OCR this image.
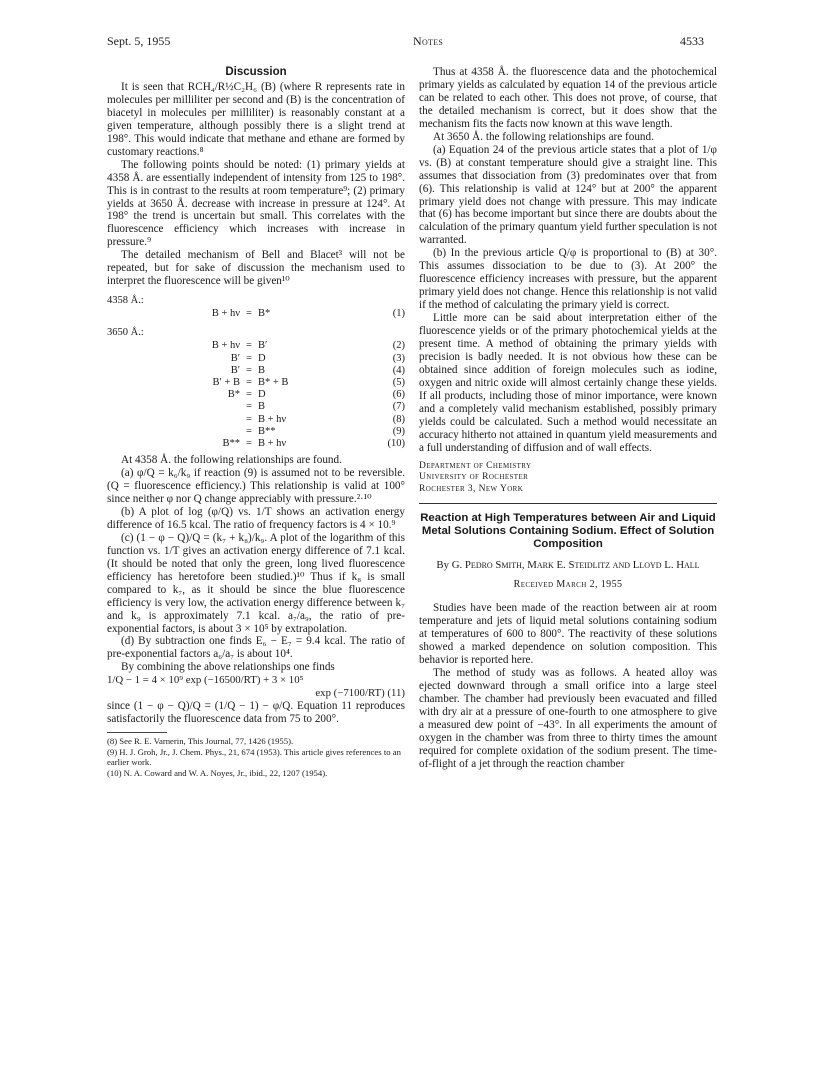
Sept. 5, 1955	Notes	4533
Discussion

It is seen that RCH₄/R½C₂H₆ (B) (where R represents rate in molecules per milliliter per second and (B) is the concentration of biacetyl in molecules per milliliter) is reasonably constant at a given temperature, although possibly there is a slight trend at 198°. This would indicate that methane and ethane are formed by customary reactions.⁸

The following points should be noted: (1) primary yields at 4358 Å. are essentially independent of intensity from 125 to 198°. This is in contrast to the results at room temperature⁹; (2) primary yields at 3650 Å. decrease with increase in pressure at 124°. At 198° the trend is uncertain but small. This correlates with the fluorescence efficiency which increases with increase in pressure.⁹

The detailed mechanism of Bell and Blacet³ will not be repeated, but for sake of discussion the mechanism used to interpret the fluorescence will be given¹⁰

4358 Å.:
B + hν = B*	(1)
3650 Å.:
B + hν = B′	(2)
B′ = D	(3)
B′ = B	(4)
B′ + B = B* + B	(5)
B* = D	(6)
= B	(7)
= B + hν	(8)
= B**	(9)
B** = B + hν	(10)

At 4358 Å. the following relationships are found.

(a) φ/Q = k₆/k₉ if reaction (9) is assumed not to be reversible. (Q = fluorescence efficiency.) This relationship is valid at 100° since neither φ nor Q change appreciably with pressure.²·¹⁰

(b) A plot of log (φ/Q) vs. 1/T shows an activation energy difference of 16.5 kcal. The ratio of frequency factors is 4 × 10.⁹

(c) (1 − φ − Q)/Q = (k₇ + k₈)/k₉. A plot of the logarithm of this function vs. 1/T gives an activation energy difference of 7.1 kcal. (It should be noted that only the green, long lived fluorescence efficiency has heretofore been studied.)¹⁰ Thus if k₈ is small compared to k₇, as it should be since the blue fluorescence efficiency is very low, the activation energy difference between k₇ and k₉ is approximately 7.1 kcal. a₇/a₉, the ratio of pre-exponential factors, is about 3 × 10⁵ by extrapolation.

(d) By subtraction one finds E₆ − E₇ = 9.4 kcal. The ratio of pre-exponential factors a₆/a₇ is about 10⁴.

By combining the above relationships one finds

1/Q − 1 = 4 × 10⁹ exp (−16500/RT) + 3 × 10⁵
exp (−7100/RT) (11)

since (1 − φ − Q)/Q = (1/Q − 1) − φ/Q. Equation 11 reproduces satisfactorily the fluorescence data from 75 to 200°.

(8) See R. E. Varnerin, This Journal, 77, 1426 (1955).
(9) H. J. Groh, Jr., J. Chem. Phys., 21, 674 (1953). This article gives references to an earlier work.
(10) N. A. Coward and W. A. Noyes, Jr., ibid., 22, 1207 (1954).

Thus at 4358 Å. the fluorescence data and the photochemical primary yields as calculated by equation 14 of the previous article can be related to each other. This does not prove, of course, that the detailed mechanism is correct, but it does show that the mechanism fits the facts now known at this wave length.

At 3650 Å. the following relationships are found.

(a) Equation 24 of the previous article states that a plot of 1/φ vs. (B) at constant temperature should give a straight line. This assumes that dissociation from (3) predominates over that from (6). This relationship is valid at 124° but at 200° the apparent primary yield does not change with pressure. This may indicate that (6) has become important but since there are doubts about the calculation of the primary quantum yield further speculation is not warranted.

(b) In the previous article Q/φ is proportional to (B) at 30°. This assumes dissociation to be due to (3). At 200° the fluorescence efficiency increases with pressure, but the apparent primary yield does not change. Hence this relationship is not valid if the method of calculating the primary yield is correct.

Little more can be said about interpretation either of the fluorescence yields or of the primary photochemical yields at the present time. A method of obtaining the primary yields with precision is badly needed. It is not obvious how these can be obtained since addition of foreign molecules such as iodine, oxygen and nitric oxide will almost certainly change these yields. If all products, including those of minor importance, were known and a completely valid mechanism established, possibly primary yields could be calculated. Such a method would necessitate an accuracy hitherto not attained in quantum yield measurements and a full understanding of diffusion and of wall effects.

Department of Chemistry
University of Rochester
Rochester 3, New York
Reaction at High Temperatures between Air and Liquid Metal Solutions Containing Sodium. Effect of Solution Composition
By G. Pedro Smith, Mark E. Steidlitz and Lloyd L. Hall
Received March 2, 1955

Studies have been made of the reaction between air at room temperature and jets of liquid metal solutions containing sodium at temperatures of 600 to 800°. The reactivity of these solutions showed a marked dependence on solution composition. This behavior is reported here.

The method of study was as follows. A heated alloy was ejected downward through a small orifice into a large steel chamber. The chamber had previously been evacuated and filled with dry air at a pressure of one-fourth to one atmosphere to give a measured dew point of −43°. In all experiments the amount of oxygen in the chamber was from three to thirty times the amount required for complete oxidation of the sodium present. The time-of-flight of a jet through the reaction chamber
